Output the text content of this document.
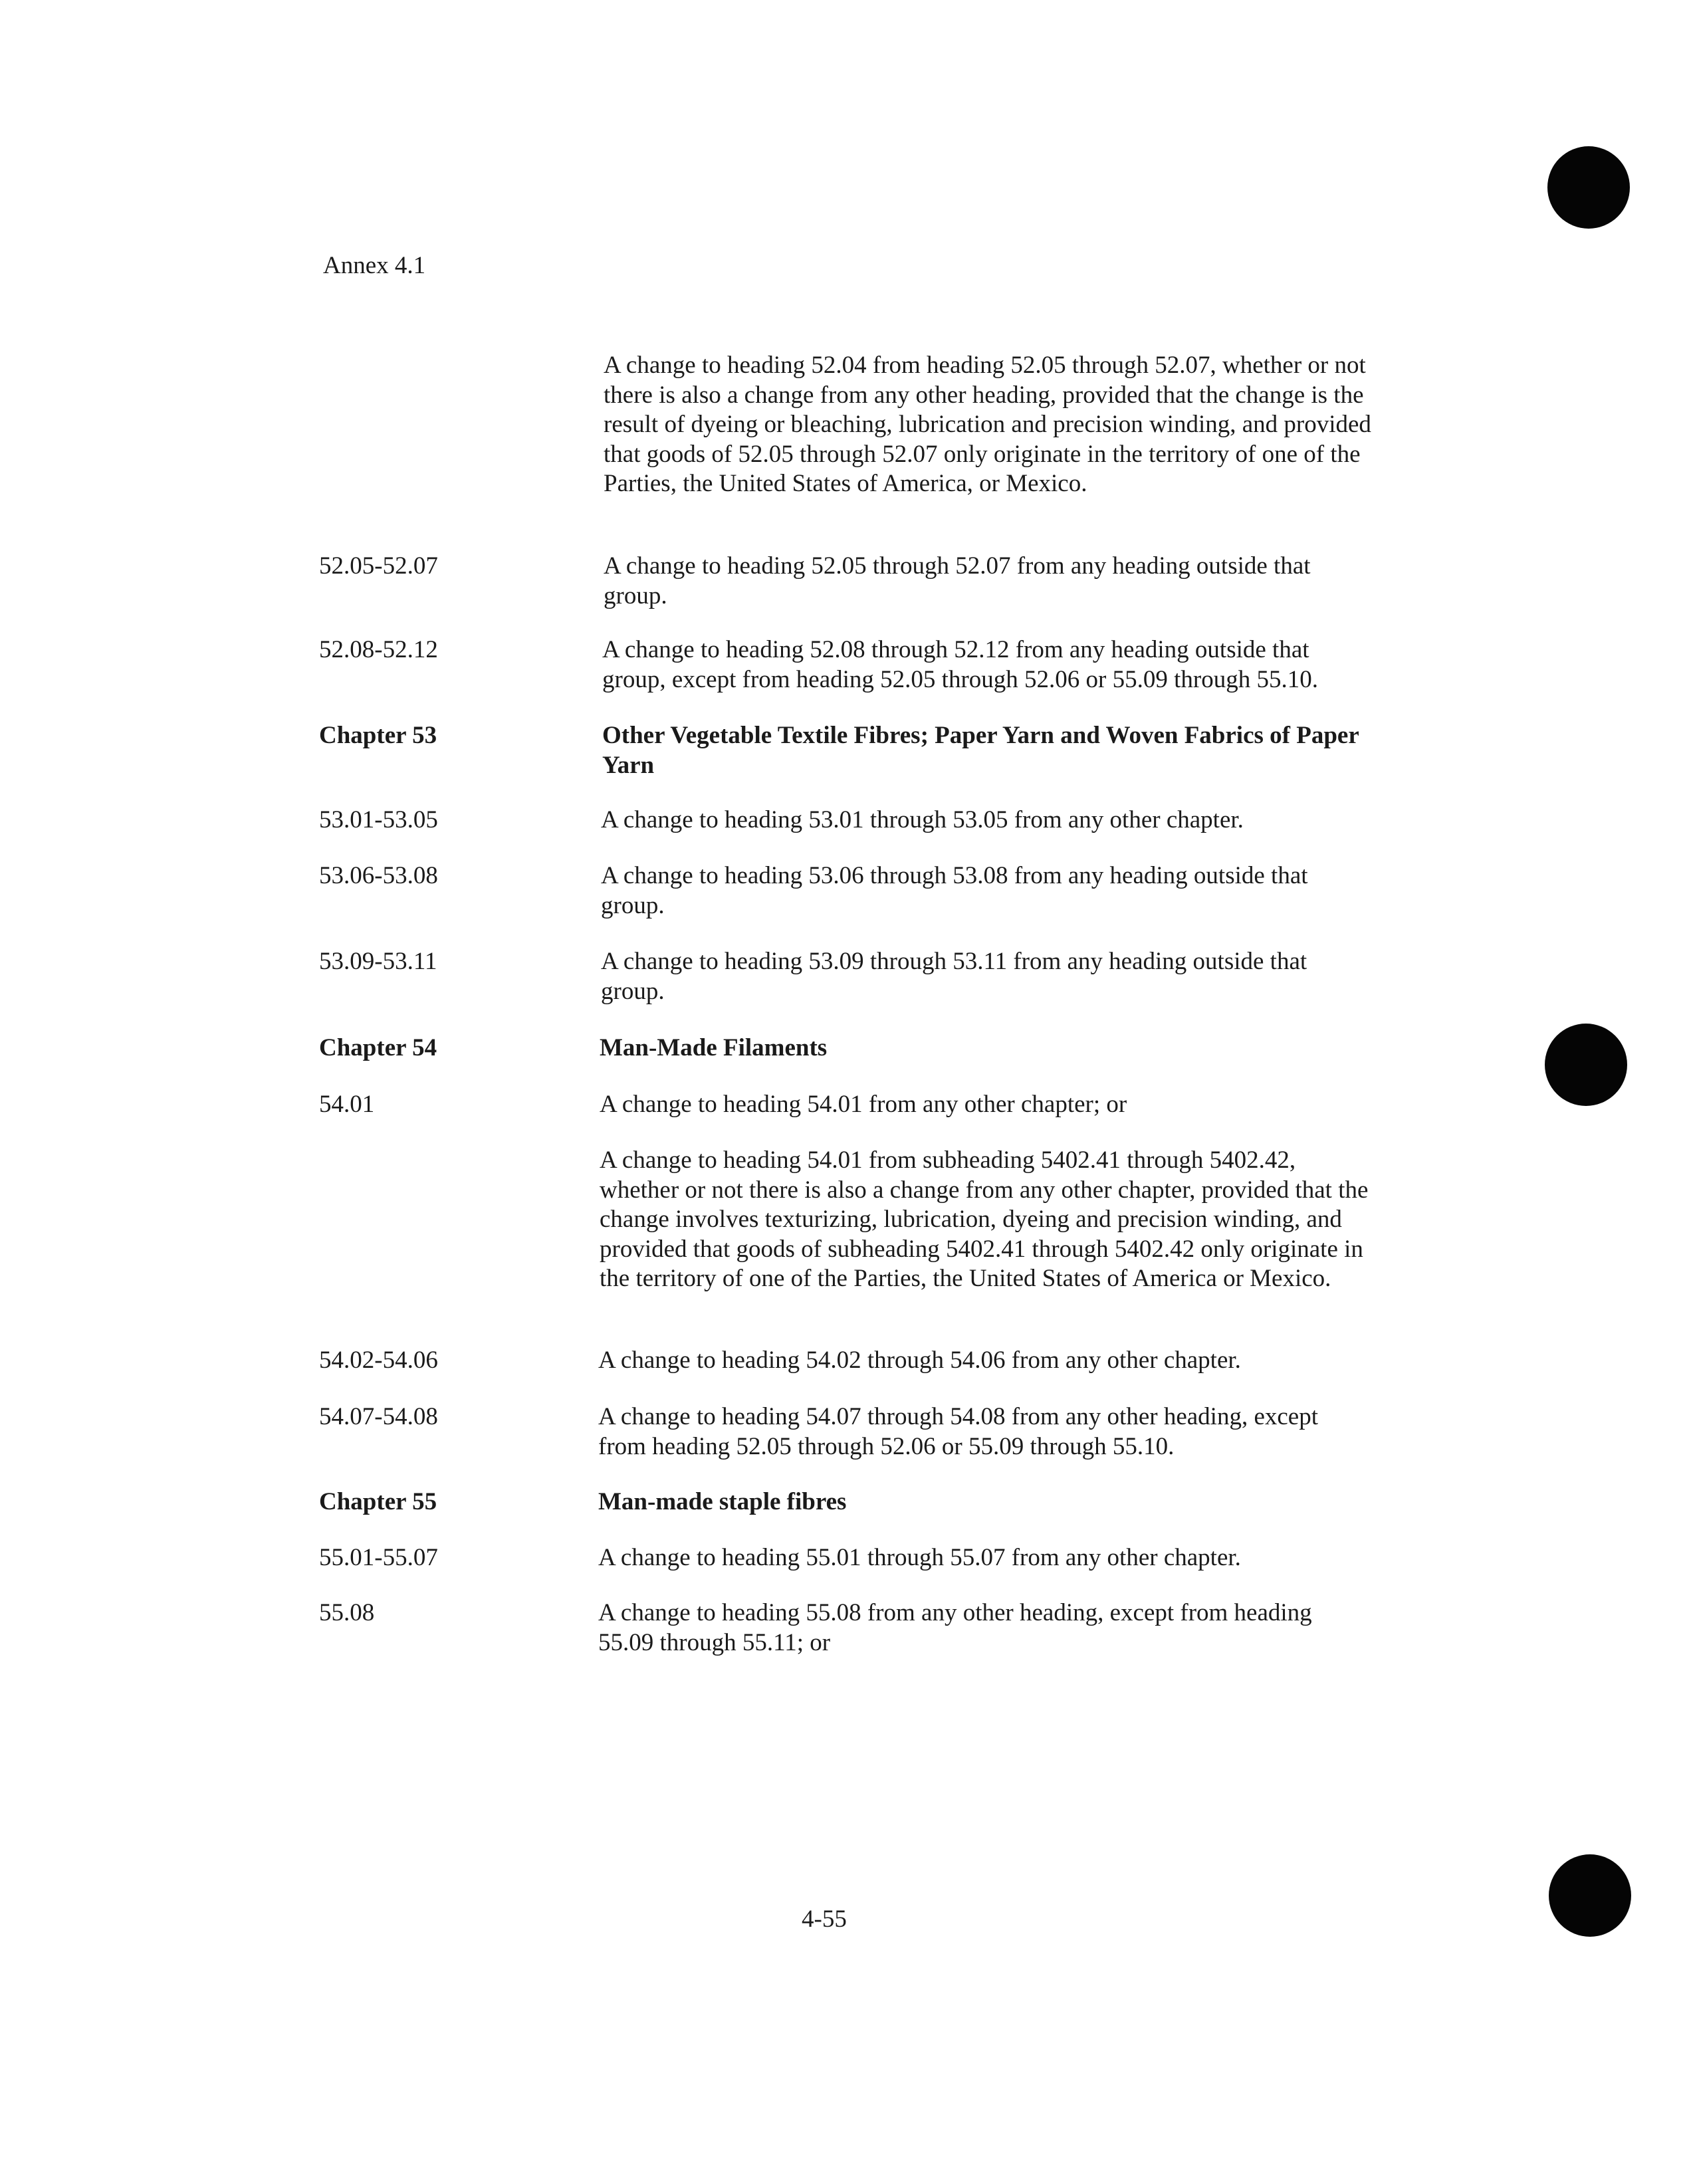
Annex 4.1
A change to heading 52.04 from heading 52.05 through 52.07, whether or not there is also a change from any other heading, provided that the change is the result of dyeing or bleaching, lubrication and precision winding, and provided that goods of 52.05 through 52.07 only originate in the territory of one of the Parties, the United States of America, or Mexico.
52.05-52.07	A change to heading 52.05 through 52.07 from any heading outside that group.
52.08-52.12	A change to heading 52.08 through 52.12 from any heading outside that group, except from heading 52.05 through 52.06 or 55.09 through 55.10.
Chapter 53	Other Vegetable Textile Fibres; Paper Yarn and Woven Fabrics of Paper Yarn
53.01-53.05	A change to heading 53.01 through 53.05 from any other chapter.
53.06-53.08	A change to heading 53.06 through 53.08 from any heading outside that group.
53.09-53.11	A change to heading 53.09 through 53.11 from any heading outside that group.
Chapter 54	Man-Made Filaments
54.01	A change to heading 54.01 from any other chapter; or
A change to heading 54.01 from subheading 5402.41 through 5402.42, whether or not there is also a change from any other chapter, provided that the change involves texturizing, lubrication, dyeing and precision winding, and provided that goods of subheading 5402.41 through 5402.42 only originate in the territory of one of the Parties, the United States of America or Mexico.
54.02-54.06	A change to heading 54.02 through 54.06 from any other chapter.
54.07-54.08	A change to heading 54.07 through 54.08 from any other heading, except from heading 52.05 through 52.06 or 55.09 through 55.10.
Chapter 55	Man-made staple fibres
55.01-55.07	A change to heading 55.01 through 55.07 from any other chapter.
55.08	A change to heading 55.08 from any other heading, except from heading 55.09 through 55.11; or
4-55
